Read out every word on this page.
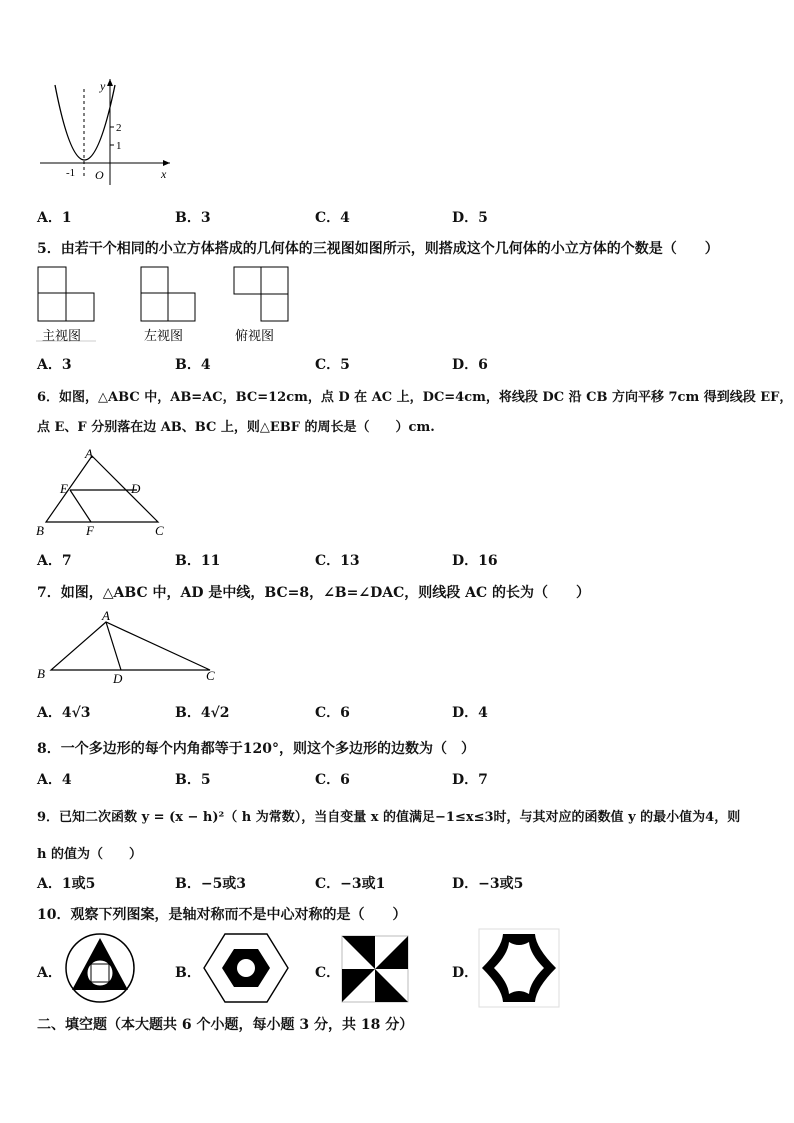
y
x
O
-1
2
1
A．1	B．3	C．4	D．5
5．由若干个相同的小立方体搭成的几何体的三视图如图所示，则搭成这个几何体的小立方体的个数是（　　）
主视图	左视图	俯视图
A．3	B．4	C．5	D．6
6．如图，△ABC 中，AB=AC，BC=12cm，点 D 在 AC 上，DC=4cm，将线段 DC 沿 CB 方向平移 7cm 得到线段 EF，
点 E、F 分别落在边 AB、BC 上，则△EBF 的周长是（　　）cm.
A
B	C
D
E
F
A．7	B．11	C．13	D．16
7．如图，△ABC 中，AD 是中线，BC=8，∠B=∠DAC，则线段 AC 的长为（　　）
A
B	C
D
A．4√3	B．4√2	C．6	D．4
8．一个多边形的每个内角都等于120°，则这个多边形的边数为（　）
A．4	B．5	C．6	D．7
9．已知二次函数 y = (x − h)²（ h 为常数），当自变量 x 的值满足−1≤x≤3时，与其对应的函数值 y 的最小值为4，则
h 的值为（　　）
A．1或5	B．−5或3	C．−3或1	D．−3或5
10．观察下列图案，是轴对称而不是中心对称的是（　　）
A．	B．	C．	D．
二、填空题（本大题共 6 个小题，每小题 3 分，共 18 分）
